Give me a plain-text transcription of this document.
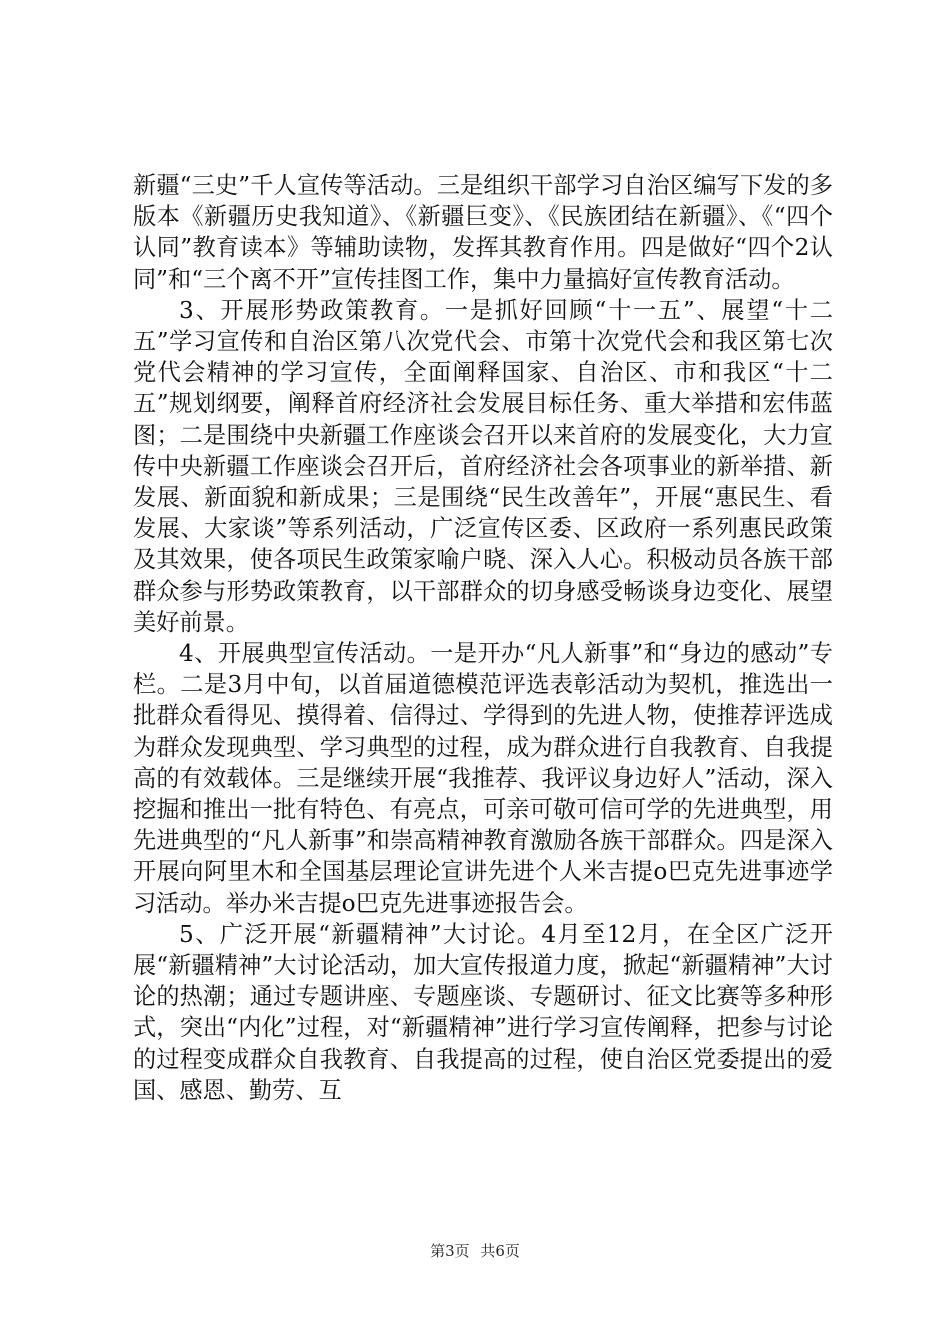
新疆“三史”千人宣传等活动。三是组织干部学习自治区编写下发的多版本《新疆历史我知道》、《新疆巨变》、《民族团结在新疆》、《“四个认同”教育读本》等辅助读物，发挥其教育作用。四是做好“四个2认同”和“三个离不开”宣传挂图工作，集中力量搞好宣传教育活动。

3、开展形势政策教育。一是抓好回顾“十一五”、展望“十二五”学习宣传和自治区第八次党代会、市第十次党代会和我区第七次党代会精神的学习宣传，全面阐释国家、自治区、市和我区“十二五”规划纲要，阐释首府经济社会发展目标任务、重大举措和宏伟蓝图；二是围绕中央新疆工作座谈会召开以来首府的发展变化，大力宣传中央新疆工作座谈会召开后，首府经济社会各项事业的新举措、新发展、新面貌和新成果；三是围绕“民生改善年”，开展“惠民生、看发展、大家谈”等系列活动，广泛宣传区委、区政府一系列惠民政策及其效果，使各项民生政策家喻户晓、深入人心。积极动员各族干部群众参与形势政策教育，以干部群众的切身感受畅谈身边变化、展望美好前景。

4、开展典型宣传活动。一是开办“凡人新事”和“身边的感动”专栏。二是3月中旬，以首届道德模范评选表彰活动为契机，推选出一批群众看得见、摸得着、信得过、学得到的先进人物，使推荐评选成为群众发现典型、学习典型的过程，成为群众进行自我教育、自我提高的有效载体。三是继续开展“我推荐、我评议身边好人”活动，深入挖掘和推出一批有特色、有亮点，可亲可敬可信可学的先进典型，用先进典型的“凡人新事”和崇高精神教育激励各族干部群众。四是深入开展向阿里木和全国基层理论宣讲先进个人米吉提o巴克先进事迹学习活动。举办米吉提o巴克先进事迹报告会。

5、广泛开展“新疆精神”大讨论。4月至12月，在全区广泛开展“新疆精神”大讨论活动，加大宣传报道力度，掀起“新疆精神”大讨论的热潮；通过专题讲座、专题座谈、专题研讨、征文比赛等多种形式，突出“内化”过程，对“新疆精神”进行学习宣传阐释，把参与讨论的过程变成群众自我教育、自我提高的过程，使自治区党委提出的爱国、感恩、勤劳、互

第3页 共6页
